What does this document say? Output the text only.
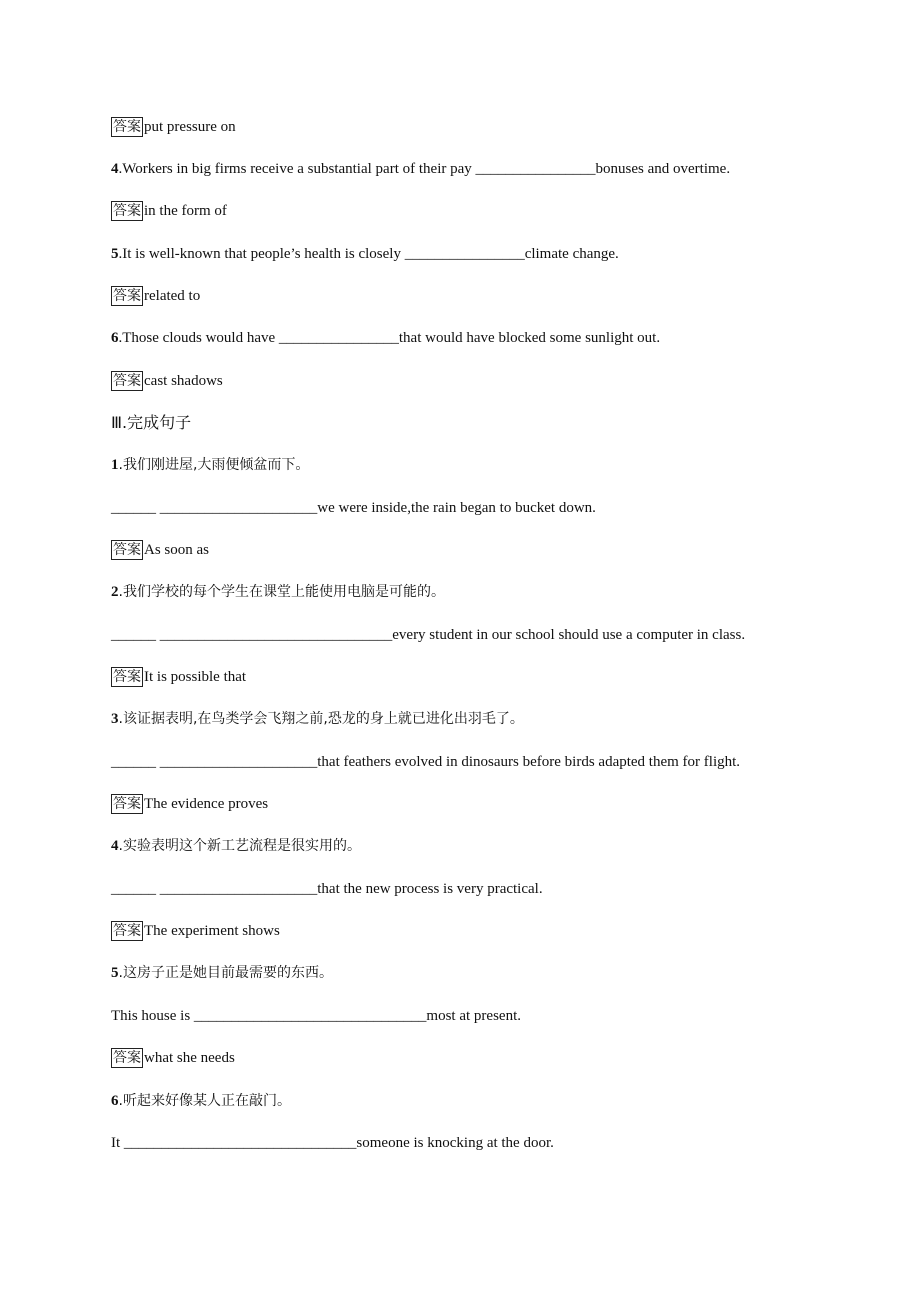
答案 put pressure on
4.Workers in big firms receive a substantial part of their pay ________________bonuses and overtime.
答案 in the form of
5.It is well-known that people’s health is closely ________________climate change.
答案 related to
6.Those clouds would have ________________that would have blocked some sunlight out.
答案 cast shadows
Ⅲ.完成句子
1.我们刚进屋,大雨便倾盆而下。
______ _____________________we were inside,the rain began to bucket down.
答案 As soon as
2.我们学校的每个学生在课堂上能使用电脑是可能的。
______ _______________________________every student in our school should use a computer in class.
答案 It is possible that
3.该证据表明,在鸟类学会飞翔之前,恐龙的身上就已进化出羽毛了。
______ _____________________that feathers evolved in dinosaurs before birds adapted them for flight.
答案 The evidence proves
4.实验表明这个新工艺流程是很实用的。
______ _____________________that the new process is very practical.
答案 The experiment shows
5.这房子正是她目前最需要的东西。
This house is _______________________________most at present.
答案 what she needs
6.听起来好像某人正在敲门。
It _______________________________someone is knocking at the door.
